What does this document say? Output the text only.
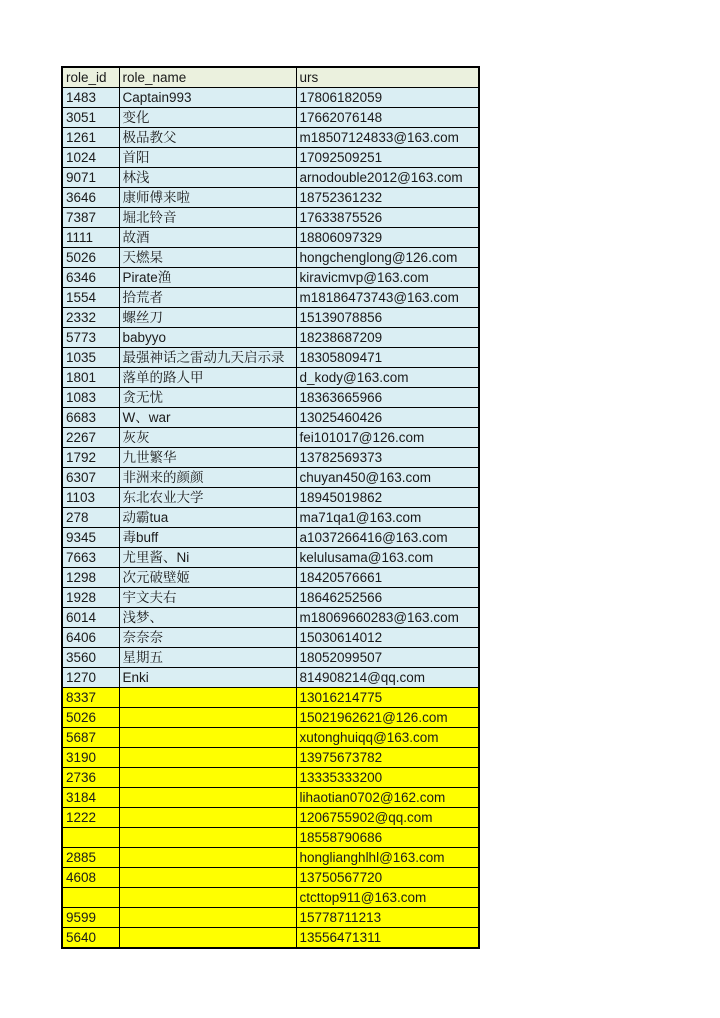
role_id	role_name	urs
1483	Captain993	17806182059
3051	变化	17662076148
1261	极品教父	m18507124833@163.com
1024	首阳	17092509251
9071	林浅	arnodouble2012@163.com
3646	康师傅来啦	18752361232
7387	堀北铃音	17633875526
1111	故酒	18806097329
5026	天燃杲	hongchenglong@126.com
6346	Pirate渔	kiravicmvp@163.com
1554	拾荒者	m18186473743@163.com
2332	螺丝刀	15139078856
5773	babyyo	18238687209
1035	最强神话之雷动九天启示录	18305809471
1801	落单的路人甲	d_kody@163.com
1083	贪无忧	18363665966
6683	W、war	13025460426
2267	灰灰	fei101017@126.com
1792	九世繁华	13782569373
6307	非洲来的颜颜	chuyan450@163.com
1103	东北农业大学	18945019862
278	动霸tua	ma71qa1@163.com
9345	毒buff	a1037266416@163.com
7663	尤里酱、Ni	kelulusama@163.com
1298	次元破壁姬	18420576661
1928	宇文夫右	18646252566
6014	浅梦、	m18069660283@163.com
6406	奈奈奈	15030614012
3560	星期五	18052099507
1270	Enki	814908214@qq.com
8337		13016214775
5026		15021962621@126.com
5687		xutonghuiqq@163.com
3190		13975673782
2736		13335333200
3184		lihaotian0702@162.com
1222		1206755902@qq.com
		18558790686
2885		honglianghlhl@163.com
4608		13750567720
		ctcttop911@163.com
9599		15778711213
5640		13556471311
